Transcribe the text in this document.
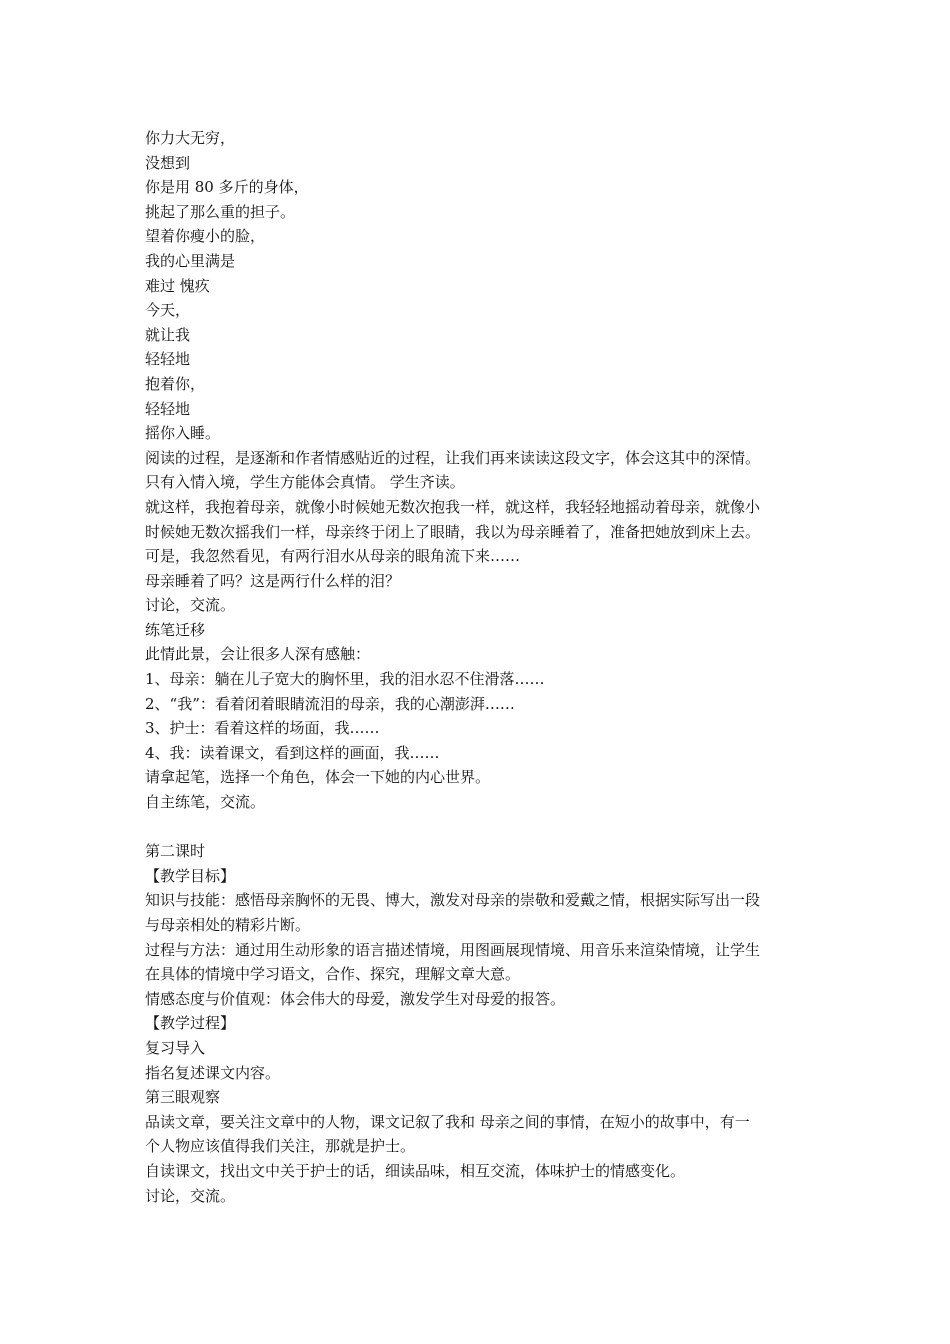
你力大无穷，
没想到
你是用 80 多斤的身体，
挑起了那么重的担子。
望着你瘦小的脸，
我的心里满是
难过 愧疚
今天，
就让我
轻轻地
抱着你，
轻轻地
摇你入睡。
阅读的过程，是逐渐和作者情感贴近的过程，让我们再来读读这段文字，体会这其中的深情。
只有入情入境，学生方能体会真情。 学生齐读。
就这样，我抱着母亲，就像小时候她无数次抱我一样，就这样，我轻轻地摇动着母亲，就像小
时候她无数次摇我们一样，母亲终于闭上了眼睛，我以为母亲睡着了，准备把她放到床上去。
可是，我忽然看见，有两行泪水从母亲的眼角流下来……
母亲睡着了吗？这是两行什么样的泪？
讨论，交流。
练笔迁移
此情此景，会让很多人深有感触：
1、母亲：躺在儿子宽大的胸怀里，我的泪水忍不住滑落……
2、“我”：看着闭着眼睛流泪的母亲，我的心潮澎湃……
3、护士：看着这样的场面，我……
4、我：读着课文，看到这样的画面，我……
请拿起笔，选择一个角色，体会一下她的内心世界。
自主练笔，交流。
第二课时
【教学目标】
知识与技能：感悟母亲胸怀的无畏、博大，激发对母亲的崇敬和爱戴之情，根据实际写出一段
与母亲相处的精彩片断。
过程与方法：通过用生动形象的语言描述情境，用图画展现情境、用音乐来渲染情境，让学生
在具体的情境中学习语文，合作、探究，理解文章大意。
情感态度与价值观：体会伟大的母爱，激发学生对母爱的报答。
【教学过程】
复习导入
指名复述课文内容。
第三眼观察
品读文章，要关注文章中的人物，课文记叙了我和 母亲之间的事情，在短小的故事中，有一
个人物应该值得我们关注，那就是护士。
自读课文，找出文中关于护士的话，细读品味，相互交流，体味护士的情感变化。
讨论，交流。
